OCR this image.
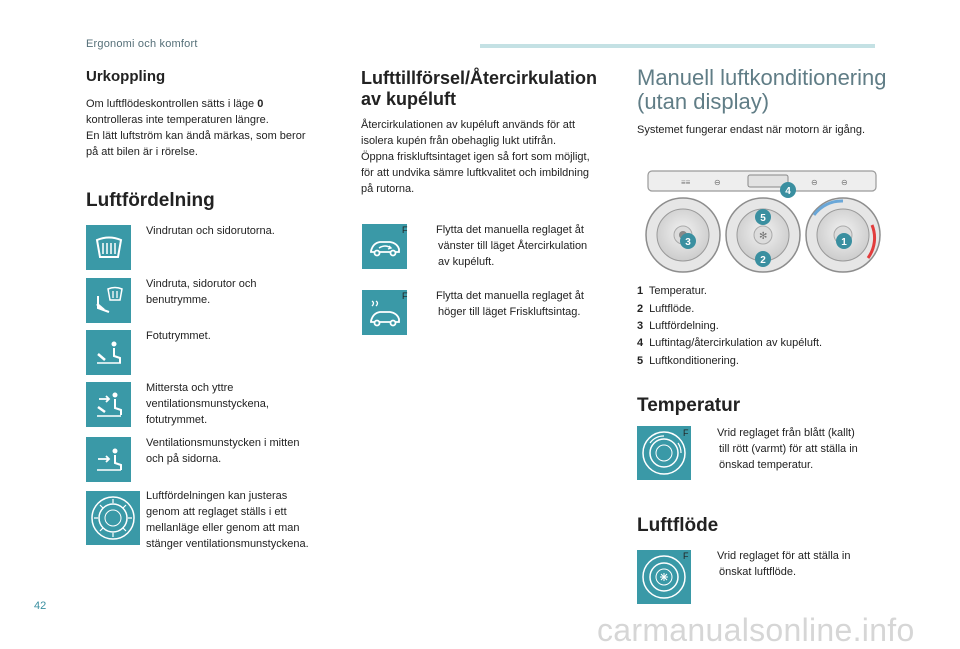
Ergonomi och komfort
Urkoppling
Om luftflödeskontrollen sätts i läge 0
kontrolleras inte temperaturen längre.
En lätt luftström kan ändå märkas, som beror
på att bilen är i rörelse.
Luftfördelning
Vindrutan och sidorutorna.
Vindruta, sidorutor och
benutrymme.
Fotutrymmet.
Mittersta och yttre
ventilationsmunstyckena,
fotutrymmet.
Ventilationsmunstycken i mitten
och på sidorna.
Luftfördelningen kan justeras
genom att reglaget ställs i ett
mellanläge eller genom att man
stänger ventilationsmunstyckena.
Lufttillförsel/Återcirkulation
av kupéluft
Återcirkulationen av kupéluft används för att
isolera kupén från obehaglig lukt utifrån.
Öppna friskluftsintaget igen så fort som möjligt,
för att undvika sämre luftkvalitet och imbildning
på rutorna.
F	Flytta det manuella reglaget åt
vänster till läget Återcirkulation
av kupéluft.
F	Flytta det manuella reglaget åt
höger till läget Friskluftsintag.
Manuell luftkonditionering
(utan display)
Systemet fungerar endast när motorn är igång.
≡≡	⊖	⊖	⊖
✻
1
2
3
4
5
1 Temperatur.
2 Luftflöde.
3 Luftfördelning.
4 Luftintag/återcirkulation av kupéluft.
5 Luftkonditionering.
Temperatur
F	Vrid reglaget från blått (kallt)
till rött (varmt) för att ställa in
önskad temperatur.
Luftflöde
F	Vrid reglaget för att ställa in
önskat luftflöde.
42
carmanualsonline.info
